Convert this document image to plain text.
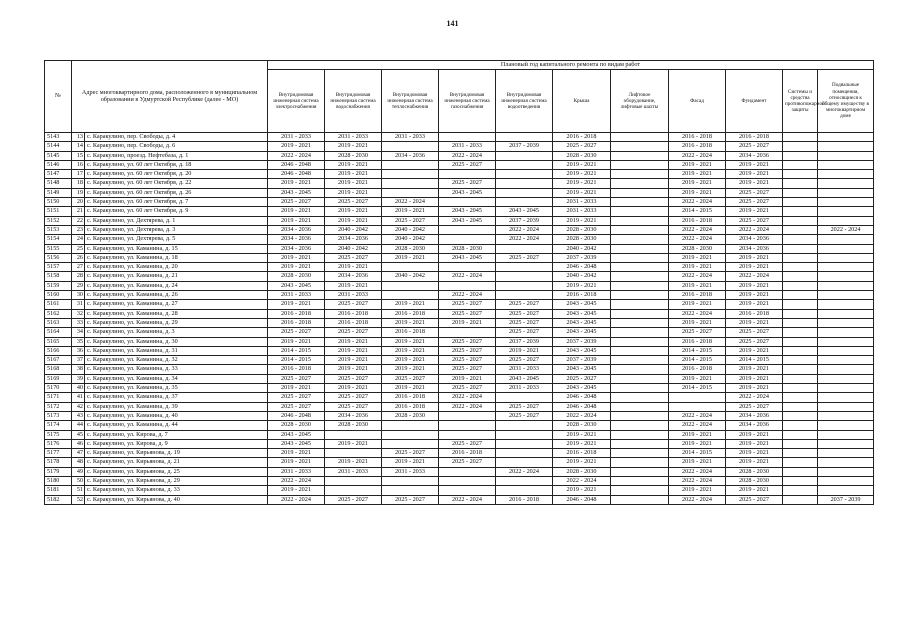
141
№	Адрес многоквартирного дома, расположенного в муниципальном образовании в Удмуртской Республике (далее - МО)		Плановый год капитального ремонта по видам работ										
			Внутридомовая инженерная система электроснабжения	Внутридомовая инженерная система водоснабжения	Внутридомовая инженерная система теплоснабжения	Внутридомовая инженерная система газоснабжения	Внутридомовая инженерная система водоотведения	Крыша	Лифтовое оборудование, лифтовые шахты	Фасад	Фундамент	Системы и средства противопожарной защиты	Подвальные помещения, относящиеся к общему имуществу в многоквартирном доме
5143	13	с. Каракулино, пер. Свободы, д. 4	2031 - 2033	2031 - 2033	2031 - 2033			2016 - 2018		2016 - 2018	2016 - 2018		
5144	14	с. Каракулино, пер. Свободы, д. 6	2019 - 2021	2019 - 2021		2031 - 2033	2037 - 2039	2025 - 2027		2016 - 2018	2025 - 2027		
5145	15	с. Каракулино, проезд. Нефтебаза, д. 1	2022 - 2024	2028 - 2030	2034 - 2036	2022 - 2024		2028 - 2030		2022 - 2024	2034 - 2036		
5146	16	с. Каракулино, ул. 60 лет Октября, д. 18	2046 - 2048	2019 - 2021		2025 - 2027		2019 - 2021		2019 - 2021	2019 - 2021		
5147	17	с. Каракулино, ул. 60 лет Октября, д. 20	2046 - 2048	2019 - 2021				2019 - 2021		2019 - 2021	2019 - 2021		
5148	18	с. Каракулино, ул. 60 лет Октября, д. 22	2019 - 2021	2019 - 2021		2025 - 2027		2019 - 2021		2019 - 2021	2019 - 2021		
5149	19	с. Каракулино, ул. 60 лет Октября, д. 26	2043 - 2045	2019 - 2021		2043 - 2045		2019 - 2021		2019 - 2021	2025 - 2027		
5150	20	с. Каракулино, ул. 60 лет Октября, д. 7	2025 - 2027	2025 - 2027	2022 - 2024			2031 - 2033		2022 - 2024	2025 - 2027		
5151	21	с. Каракулино, ул. 60 лет Октября, д. 9	2019 - 2021	2019 - 2021	2019 - 2021	2043 - 2045	2043 - 2045	2031 - 2033		2014 - 2015	2019 - 2021		
5152	22	с. Каракулино, ул. Дехтярева, д. 1	2019 - 2021	2019 - 2021	2025 - 2027	2043 - 2045	2037 - 2039	2019 - 2021		2016 - 2018	2025 - 2027		
5153	23	с. Каракулино, ул. Дехтярева, д. 3	2034 - 2036	2040 - 2042	2040 - 2042		2022 - 2024	2028 - 2030		2022 - 2024	2022 - 2024		2022 - 2024
5154	24	с. Каракулино, ул. Дехтярева, д. 5	2034 - 2036	2034 - 2036	2040 - 2042		2022 - 2024	2028 - 2030		2022 - 2024	2034 - 2036		
5155	25	с. Каракулино, ул. Каманина, д. 15	2034 - 2036	2040 - 2042	2028 - 2030	2028 - 2030		2040 - 2042		2028 - 2030	2034 - 2036		
5156	26	с. Каракулино, ул. Каманина, д. 18	2019 - 2021	2025 - 2027	2019 - 2021	2043 - 2045	2025 - 2027	2037 - 2039		2019 - 2021	2019 - 2021		
5157	27	с. Каракулино, ул. Каманина, д. 20	2019 - 2021	2019 - 2021				2046 - 2048		2019 - 2021	2019 - 2021		
5158	28	с. Каракулино, ул. Каманина, д. 21	2028 - 2030	2034 - 2036	2040 - 2042	2022 - 2024		2040 - 2042		2022 - 2024	2022 - 2024		
5159	29	с. Каракулино, ул. Каманина, д. 24	2043 - 2045	2019 - 2021				2019 - 2021		2019 - 2021	2019 - 2021		
5160	30	с. Каракулино, ул. Каманина, д. 26	2031 - 2033	2031 - 2033		2022 - 2024		2016 - 2018		2016 - 2018	2019 - 2021		
5161	31	с. Каракулино, ул. Каманина, д. 27	2019 - 2021	2025 - 2027	2019 - 2021	2025 - 2027	2025 - 2027	2043 - 2045		2019 - 2021	2019 - 2021		
5162	32	с. Каракулино, ул. Каманина, д. 28	2016 - 2018	2016 - 2018	2016 - 2018	2025 - 2027	2025 - 2027	2043 - 2045		2022 - 2024	2016 - 2018		
5163	33	с. Каракулино, ул. Каманина, д. 29	2016 - 2018	2016 - 2018	2019 - 2021	2019 - 2021	2025 - 2027	2043 - 2045		2019 - 2021	2019 - 2021		
5164	34	с. Каракулино, ул. Каманина, д. 3	2025 - 2027	2025 - 2027	2016 - 2018		2025 - 2027	2043 - 2045		2025 - 2027	2025 - 2027		
5165	35	с. Каракулино, ул. Каманина, д. 30	2019 - 2021	2019 - 2021	2019 - 2021	2025 - 2027	2037 - 2039	2037 - 2039		2016 - 2018	2025 - 2027		
5166	36	с. Каракулино, ул. Каманина, д. 31	2014 - 2015	2019 - 2021	2019 - 2021	2025 - 2027	2019 - 2021	2043 - 2045		2014 - 2015	2019 - 2021		
5167	37	с. Каракулино, ул. Каманина, д. 32	2014 - 2015	2019 - 2021	2019 - 2021	2025 - 2027	2025 - 2027	2037 - 2039		2014 - 2015	2014 - 2015		
5168	38	с. Каракулино, ул. Каманина, д. 33	2016 - 2018	2019 - 2021	2019 - 2021	2025 - 2027	2031 - 2033	2043 - 2045		2016 - 2018	2019 - 2021		
5169	39	с. Каракулино, ул. Каманина, д. 34	2025 - 2027	2025 - 2027	2025 - 2027	2019 - 2021	2043 - 2045	2025 - 2027		2019 - 2021	2019 - 2021		
5170	40	с. Каракулино, ул. Каманина, д. 35	2019 - 2021	2019 - 2021	2019 - 2021	2025 - 2027	2031 - 2033	2043 - 2045		2014 - 2015	2019 - 2021		
5171	41	с. Каракулино, ул. Каманина, д. 37	2025 - 2027	2025 - 2027	2016 - 2018	2022 - 2024		2046 - 2048			2022 - 2024		
5172	42	с. Каракулино, ул. Каманина, д. 39	2025 - 2027	2025 - 2027	2016 - 2018	2022 - 2024	2025 - 2027	2046 - 2048			2025 - 2027		
5173	43	с. Каракулино, ул. Каманина, д. 40	2046 - 2048	2034 - 2036	2028 - 2030		2025 - 2027	2022 - 2024		2022 - 2024	2034 - 2036		
5174	44	с. Каракулино, ул. Каманина, д. 44	2028 - 2030	2028 - 2030				2028 - 2030		2022 - 2024	2034 - 2036		
5175	45	с. Каракулино, ул. Кирова, д. 7	2043 - 2045					2019 - 2021		2019 - 2021	2019 - 2021		
5176	46	с. Каракулино, ул. Кирова, д. 9	2043 - 2045	2019 - 2021		2025 - 2027		2019 - 2021		2019 - 2021	2019 - 2021		
5177	47	с. Каракулино, ул. Кирьянова, д. 19	2019 - 2021		2025 - 2027	2016 - 2018		2016 - 2018		2014 - 2015	2019 - 2021		
5178	48	с. Каракулино, ул. Кирьянова, д. 21	2019 - 2021	2019 - 2021	2019 - 2021	2025 - 2027		2019 - 2021		2019 - 2021	2019 - 2021		
5179	49	с. Каракулино, ул. Кирьянова, д. 25	2031 - 2033	2031 - 2033	2031 - 2033		2022 - 2024	2028 - 2030		2022 - 2024	2028 - 2030		
5180	50	с. Каракулино, ул. Кирьянова, д. 29	2022 - 2024					2022 - 2024		2022 - 2024	2028 - 2030		
5181	51	с. Каракулино, ул. Кирьянова, д. 33	2019 - 2021					2019 - 2021		2019 - 2021	2019 - 2021		
5182	52	с. Каракулино, ул. Кирьянова, д. 40	2022 - 2024	2025 - 2027	2025 - 2027	2022 - 2024	2016 - 2018	2046 - 2048		2022 - 2024	2025 - 2027		2037 - 2039
